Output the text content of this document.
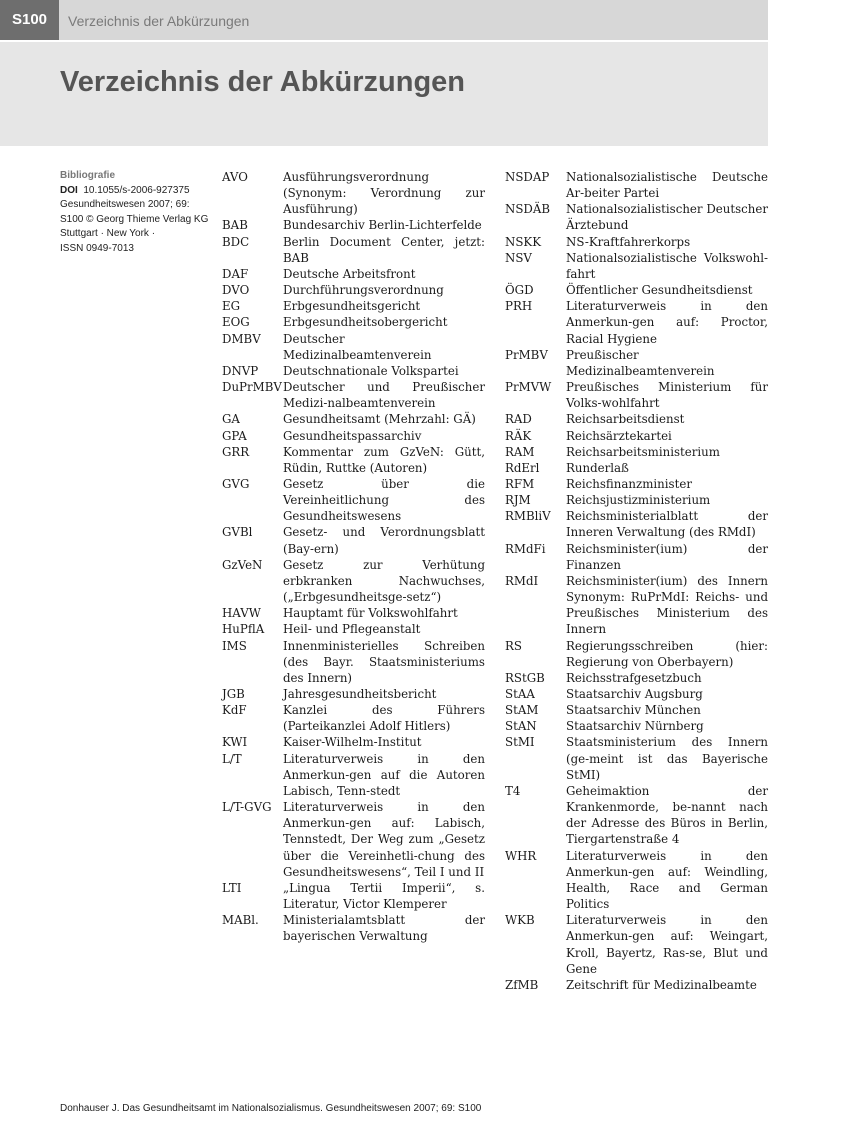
S100	Verzeichnis der Abkürzungen
Verzeichnis der Abkürzungen
Bibliografie
DOI 10.1055/s-2006-927375
Gesundheitswesen 2007; 69:
S100 © Georg Thieme Verlag KG
Stuttgart · New York ·
ISSN 0949-7013
AVO	Ausführungsverordnung (Synonym: Verordnung zur Ausführung)
BAB	Bundesarchiv Berlin-Lichterfelde
BDC	Berlin Document Center, jetzt: BAB
DAF	Deutsche Arbeitsfront
DVO	Durchführungsverordnung
EG	Erbgesundheitsgericht
EOG	Erbgesundheitsobergericht
DMBV	Deutscher Medizinalbeamtenverein
DNVP	Deutschnationale Volkspartei
DuPrMBV Deutscher und Preußischer Medizi-nalbeamtenverein
GA	Gesundheitsamt (Mehrzahl: GÄ)
GPA	Gesundheitspassarchiv
GRR	Kommentar zum GzVeN: Gütt, Rüdin, Ruttke (Autoren)
GVG	Gesetz über die Vereinheitlichung des Gesundheitswesens
GVBl	Gesetz- und Verordnungsblatt (Bay-ern)
GzVeN	Gesetz zur Verhütung erbkranken Nachwuchses, („Erbgesundheitsge-setz“)
HAVW	Hauptamt für Volkswohlfahrt
HuPflA	Heil- und Pflegeanstalt
IMS	Innenministerielles Schreiben (des Bayr. Staatsministeriums des Innern)
JGB	Jahresgesundheitsbericht
KdF	Kanzlei des Führers (Parteikanzlei Adolf Hitlers)
KWI	Kaiser-Wilhelm-Institut
L/T	Literaturverweis in den Anmerkun-gen auf die Autoren Labisch, Tenn-stedt
L/T-GVG Literaturverweis in den Anmerkun-gen auf: Labisch, Tennstedt, Der Weg zum „Gesetz über die Vereinhetli-chung des Gesundheitswesens“, Teil I und II
LTI	„Lingua Tertii Imperii“, s. Literatur, Victor Klemperer
MABl.	Ministerialamtsblatt der bayerischen Verwaltung
NSDAP	Nationalsozialistische Deutsche Ar-beiter Partei
NSDÄB	Nationalsozialistischer Deutscher Ärztebund
NSKK	NS-Kraftfahrerkorps
NSV	Nationalsozialistische Volkswohl-fahrt
ÖGD	Öffentlicher Gesundheitsdienst
PRH	Literaturverweis in den Anmerkun-gen auf: Proctor, Racial Hygiene
PrMBV	Preußischer Medizinalbeamtenverein
PrMVW	Preußisches Ministerium für Volks-wohlfahrt
RAD	Reichsarbeitsdienst
RÄK	Reichsärztekartei
RAM	Reichsarbeitsministerium
RdErl	Runderlaß
RFM	Reichsfinanzminister
RJM	Reichsjustizministerium
RMBliV	Reichsministerialblatt der Inneren Verwaltung (des RMdI)
RMdFi	Reichsminister(ium) der Finanzen
RMdI	Reichsminister(ium) des Innern Synonym: RuPrMdI: Reichs- und Preußisches Ministerium des Innern
RS	Regierungsschreiben (hier: Regierung von Oberbayern)
RStGB	Reichsstrafgesetzbuch
StAA	Staatsarchiv Augsburg
StAM	Staatsarchiv München
StAN	Staatsarchiv Nürnberg
StMI	Staatsministerium des Innern (ge-meint ist das Bayerische StMI)
T4	Geheimaktion der Krankenmorde, be-nannt nach der Adresse des Büros in Berlin, Tiergartenstraße 4
WHR	Literaturverweis in den Anmerkun-gen auf: Weindling, Health, Race and German Politics
WKB	Literaturverweis in den Anmerkun-gen auf: Weingart, Kroll, Bayertz, Ras-se, Blut und Gene
ZfMB	Zeitschrift für Medizinalbeamte
Donhauser J. Das Gesundheitsamt im Nationalsozialismus. Gesundheitswesen 2007; 69: S100
